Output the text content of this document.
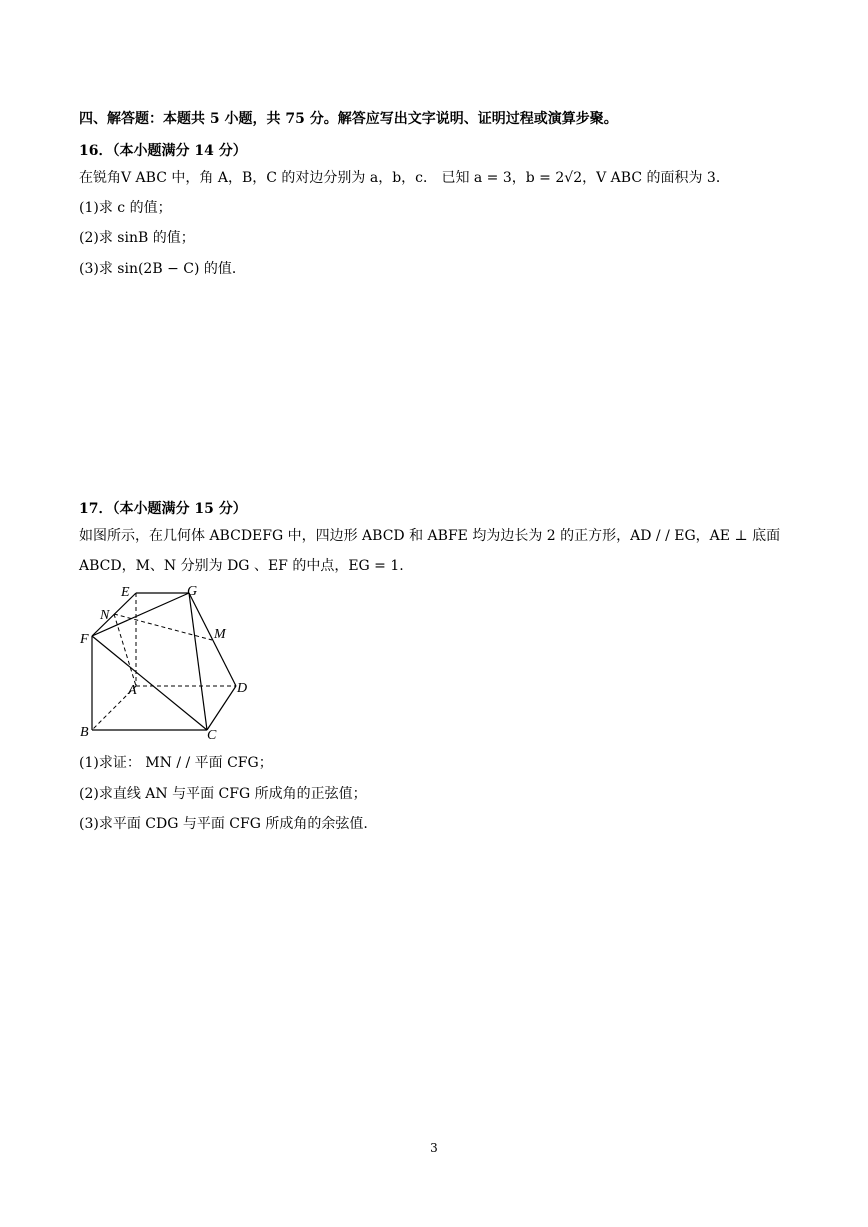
四、解答题：本题共 5 小题，共 75 分。解答应写出文字说明、证明过程或演算步聚。
16．（本小题满分 14 分）
在锐角V ABC 中，角 A，B，C 的对边分别为 a，b，c． 已知 a = 3，b = 2√2，V ABC 的面积为 3．
(1)求 c 的值；
(2)求 sinB 的值；
(3)求 sin(2B − C) 的值．
17．（本小题满分 15 分）
如图所示，在几何体 ABCDEFG 中，四边形 ABCD 和 ABFE 均为边长为 2 的正方形，AD / / EG，AE ⊥ 底面
ABCD，M、N 分别为 DG 、EF 的中点，EG = 1.
E	G
N
M
F
A	D
B	C
(1)求证： MN / / 平面 CFG；
(2)求直线 AN 与平面 CFG 所成角的正弦值；
(3)求平面 CDG 与平面 CFG 所成角的余弦值.
3
